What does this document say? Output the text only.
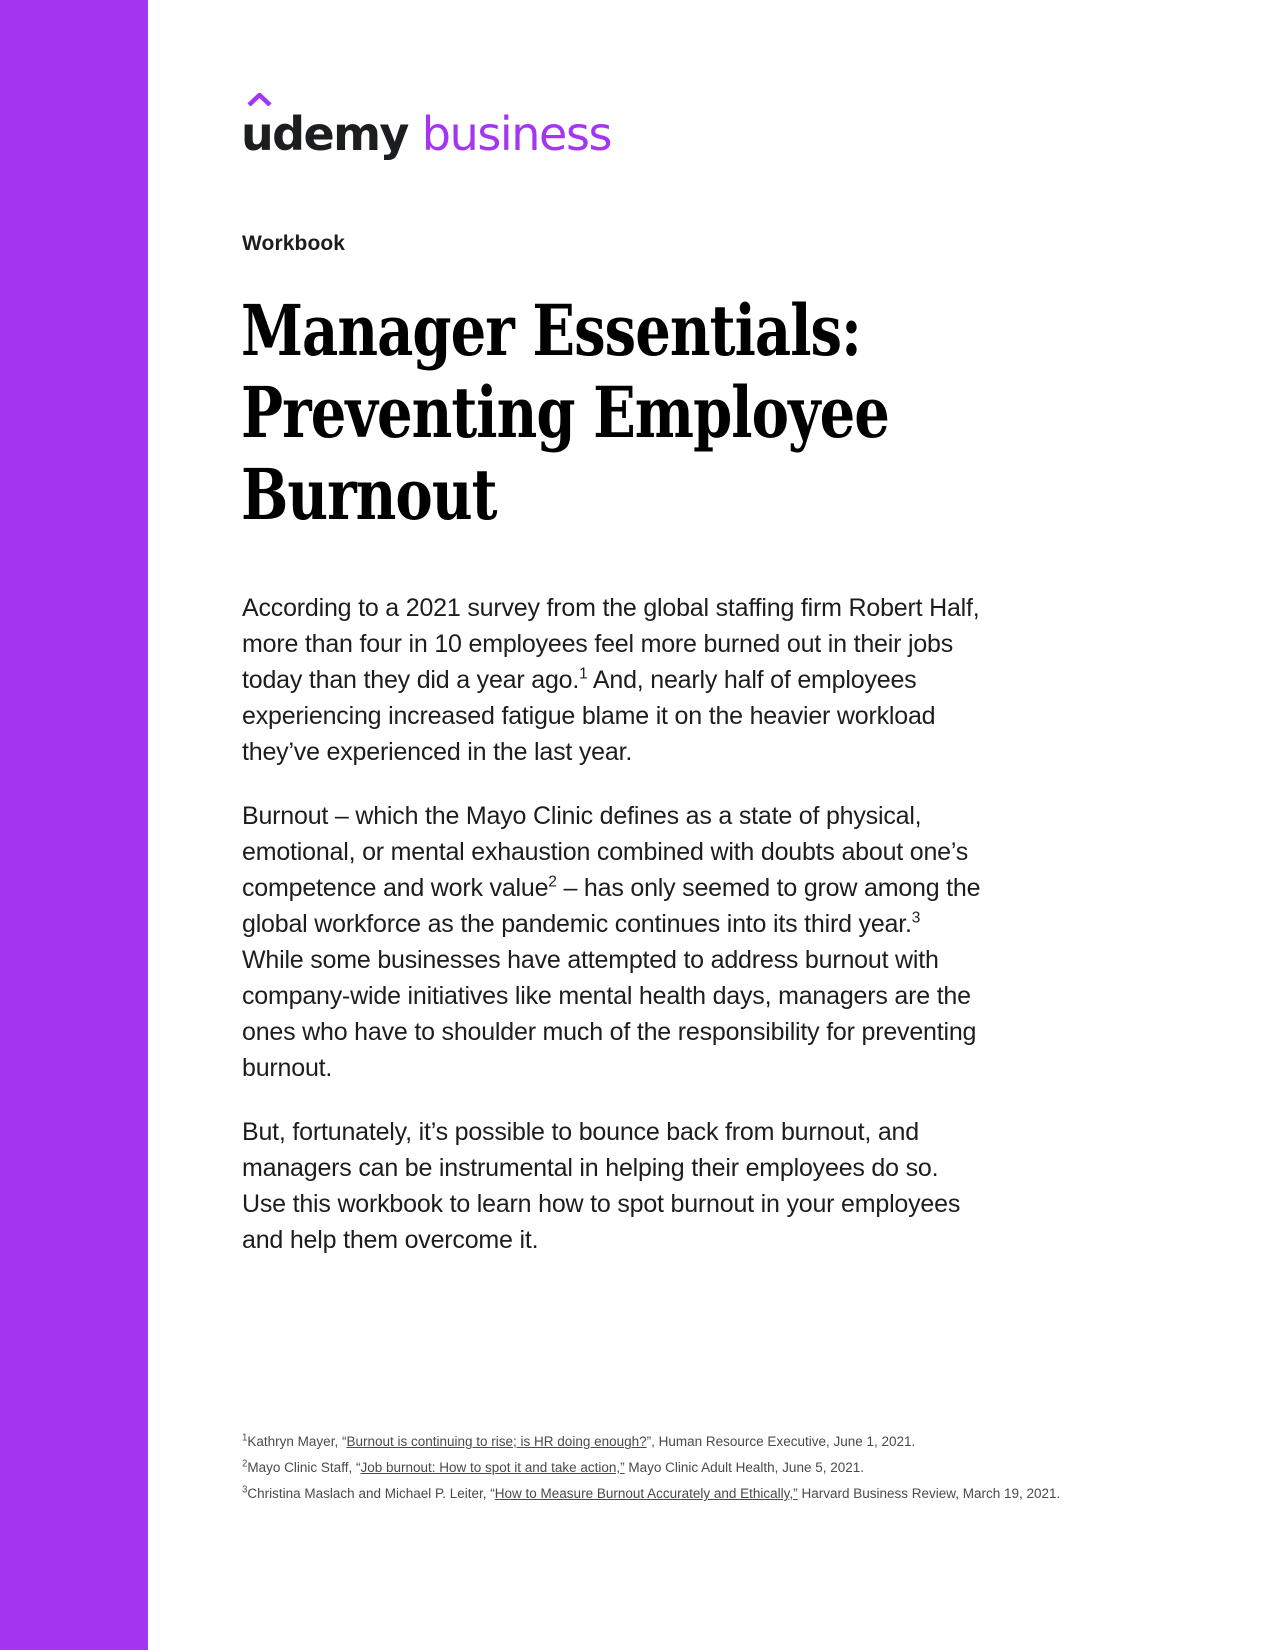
udemy business
Workbook
Manager Essentials: Preventing Employee Burnout

According to a 2021 survey from the global staffing firm Robert Half, more than four in 10 employees feel more burned out in their jobs today than they did a year ago.$^1$ And, nearly half of employees experiencing increased fatigue blame it on the heavier workload they’ve experienced in the last year.

Burnout – which the Mayo Clinic defines as a state of physical, emotional, or mental exhaustion combined with doubts about one’s competence and work value$^2$ – has only seemed to grow among the global workforce as the pandemic continues into its third year.$^3$ While some businesses have attempted to address burnout with company-wide initiatives like mental health days, managers are the ones who have to shoulder much of the responsibility for preventing burnout.

But, fortunately, it’s possible to bounce back from burnout, and managers can be instrumental in helping their employees do so. Use this workbook to learn how to spot burnout in your employees and help them overcome it.

$^1$Kathryn Mayer, “Burnout is continuing to rise; is HR doing enough?”, Human Resource Executive, June 1, 2021.
$^2$Mayo Clinic Staff, “Job burnout: How to spot it and take action,” Mayo Clinic Adult Health, June 5, 2021.
$^3$Christina Maslach and Michael P. Leiter, “How to Measure Burnout Accurately and Ethically,” Harvard Business Review, March 19, 2021.
